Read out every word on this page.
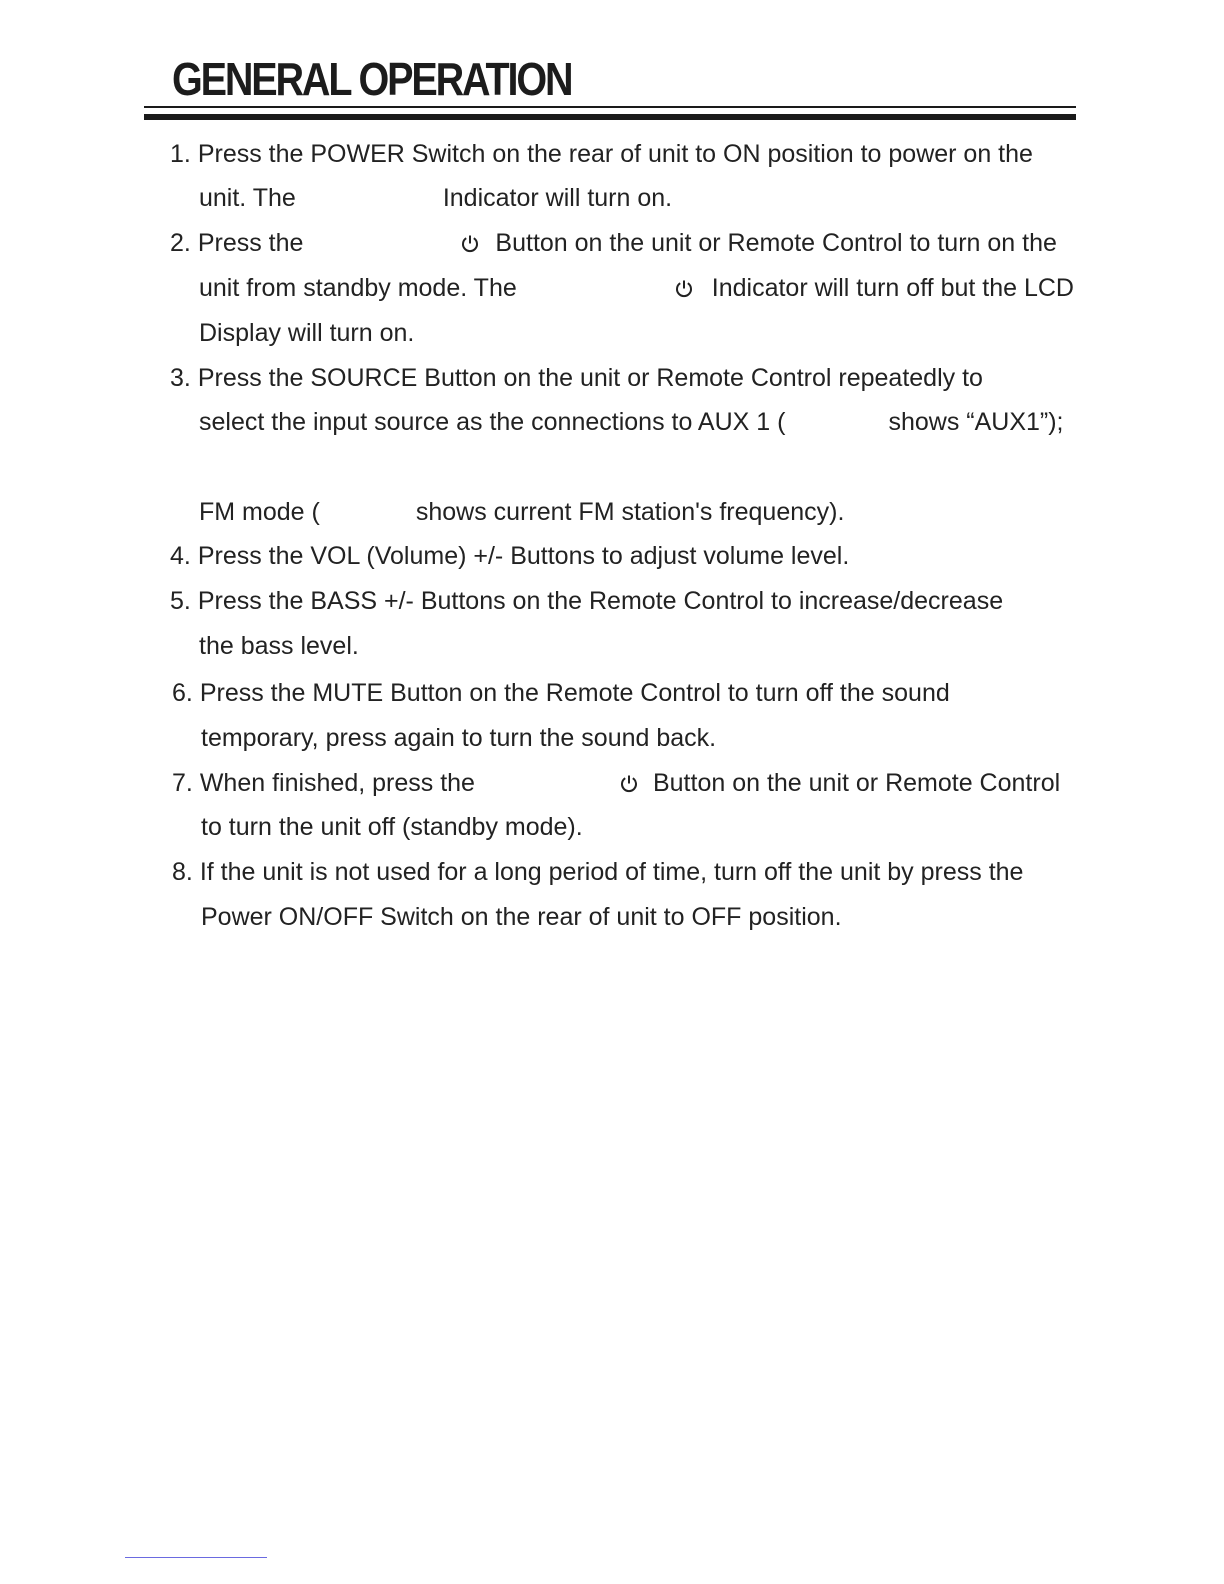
GENERAL OPERATION
1. Press the POWER Switch on the rear of unit to ON position to power on the
unit. The	Indicator will turn on.
2. Press the	Button on the unit or Remote Control to turn on the
unit from standby mode. The	Indicator will turn off but the LCD
Display will turn on.
3. Press the SOURCE Button on the unit or Remote Control repeatedly to
select the input source as the connections to AUX 1 (	shows “AUX1”);
FM mode (	shows current FM station's frequency).
4. Press the VOL (Volume) +/- Buttons to adjust volume level.
5. Press the BASS +/- Buttons on the Remote Control to increase/decrease
the bass level.
6. Press the MUTE Button on the Remote Control to turn off the sound
temporary, press again to turn the sound back.
7. When finished, press the	Button on the unit or Remote Control
to turn the unit off (standby mode).
8. If the unit is not used for a long period of time, turn off the unit by press the
Power ON/OFF Switch on the rear of unit to OFF position.
